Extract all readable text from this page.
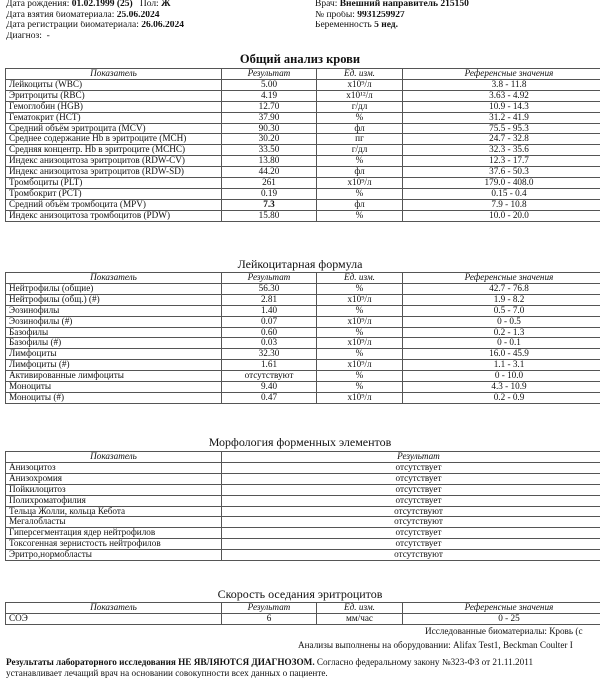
Дата рождения: 01.02.1999 (25) Пол: Ж
Дата взятия биоматериала: 25.06.2024
Дата регистрации биоматериала: 26.06.2024
Диагноз: -
Врач: Внешний направитель 215150
№ пробы: 9931259927
Беременность 5 нед.
Общий анализ крови
Показатель	Результат	Ед. изм.	Референсные значения
Лейкоциты (WBC)	5.00	x10⁹/л	3.8 - 11.8
Эритроциты (RBC)	4.19	x10¹²/л	3.63 - 4.92
Гемоглобин (HGB)	12.70	г/дл	10.9 - 14.3
Гематокрит (HCT)	37.90	%	31.2 - 41.9
Средний объём эритроцита (MCV)	90.30	фл	75.5 - 95.3
Среднее содержание Hb в эритроците (MCH)	30.20	пг	24.7 - 32.8
Средняя концентр. Hb в эритроците (MCHC)	33.50	г/дл	32.3 - 35.6
Индекс анизоцитоза эритроцитов (RDW-CV)	13.80	%	12.3 - 17.7
Индекс анизоцитоза эритроцитов (RDW-SD)	44.20	фл	37.6 - 50.3
Тромбоциты (PLT)	261	x10⁹/л	179.0 - 408.0
Тромбокрит (PCT)	0.19	%	0.15 - 0.4
Средний объём тромбоцита (MPV)	7.3	фл	7.9 - 10.8
Индекс анизоцитоза тромбоцитов (PDW)	15.80	%	10.0 - 20.0
Лейкоцитарная формула
Показатель	Результат	Ед. изм.	Референсные значения
Нейтрофилы (общие)	56.30	%	42.7 - 76.8
Нейтрофилы (общ.) (#)	2.81	x10⁹/л	1.9 - 8.2
Эозинофилы	1.40	%	0.5 - 7.0
Эозинофилы (#)	0.07	x10⁹/л	0 - 0.5
Базофилы	0.60	%	0.2 - 1.3
Базофилы (#)	0.03	x10⁹/л	0 - 0.1
Лимфоциты	32.30	%	16.0 - 45.9
Лимфоциты (#)	1.61	x10⁹/л	1.1 - 3.1
Активированные лимфоциты	отсутствуют	%	0 - 10.0
Моноциты	9.40	%	4.3 - 10.9
Моноциты (#)	0.47	x10⁹/л	0.2 - 0.9
Морфология форменных элементов
Показатель	Результат
Анизоцитоз	отсутствует
Анизохромия	отсутствует
Пойкилоцитоз	отсутствует
Полихроматофилия	отсутствует
Тельца Жолли, кольца Кебота	отсутствуют
Мегалобласты	отсутствуют
Гиперсегментация ядер нейтрофилов	отсутствует
Токсогенная зернистость нейтрофилов	отсутствует
Эритро,нормобласты	отсутствуют
Скорость оседания эритроцитов
Показатель	Результат	Ед. изм.	Референсные значения
СОЭ	6	мм/час	0 - 25
Исследованные биоматериалы: Кровь (с
Анализы выполнены на оборудовании: Alifax Test1, Beckman Coulter I
Результаты лабораторного исследования НЕ ЯВЛЯЮТСЯ ДИАГНОЗОМ. Согласно федеральному закону №323-ФЗ от 21.11.2011
устанавливает лечащий врач на основании совокупности всех данных о пациенте.
